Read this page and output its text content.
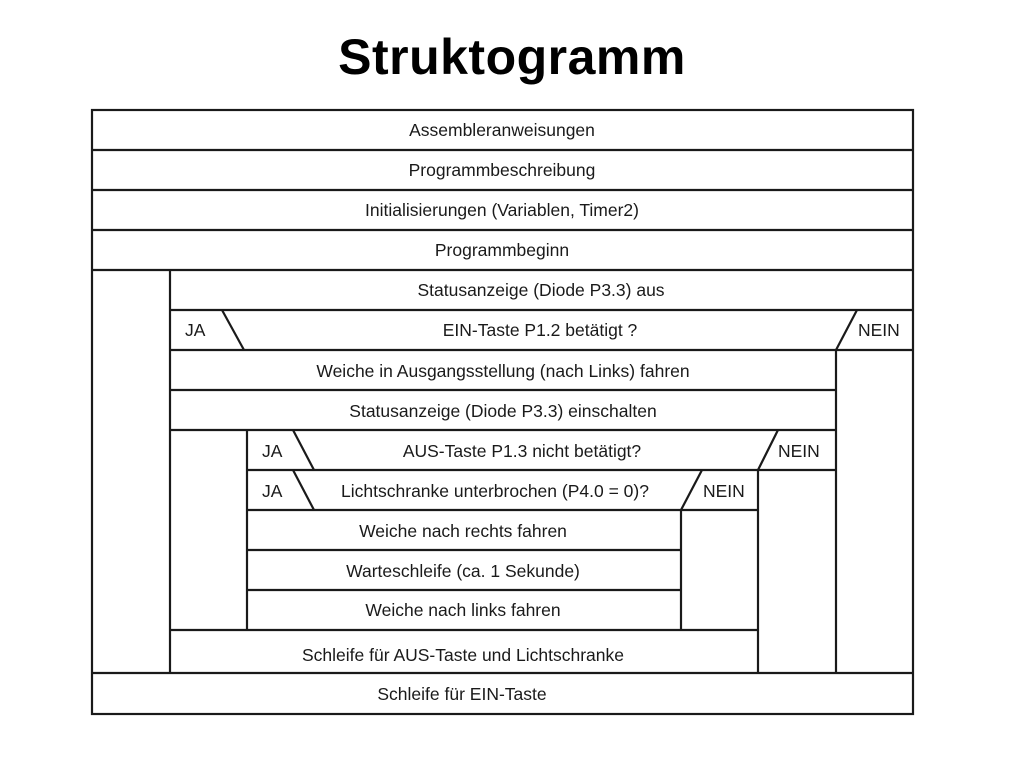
Struktogramm
Assembleranweisungen
Programmbeschreibung
Initialisierungen (Variablen, Timer2)
Programmbeginn
Statusanzeige (Diode P3.3) aus
JA	EIN-Taste P1.2 betätigt ?	NEIN
Weiche in Ausgangsstellung (nach Links) fahren
Statusanzeige (Diode P3.3) einschalten
JA	AUS-Taste P1.3 nicht betätigt?	NEIN
JA	Lichtschranke unterbrochen (P4.0 = 0)?	NEIN
Weiche nach rechts fahren
Warteschleife (ca. 1 Sekunde)
Weiche nach links fahren
Schleife für AUS-Taste und Lichtschranke
Schleife für EIN-Taste
